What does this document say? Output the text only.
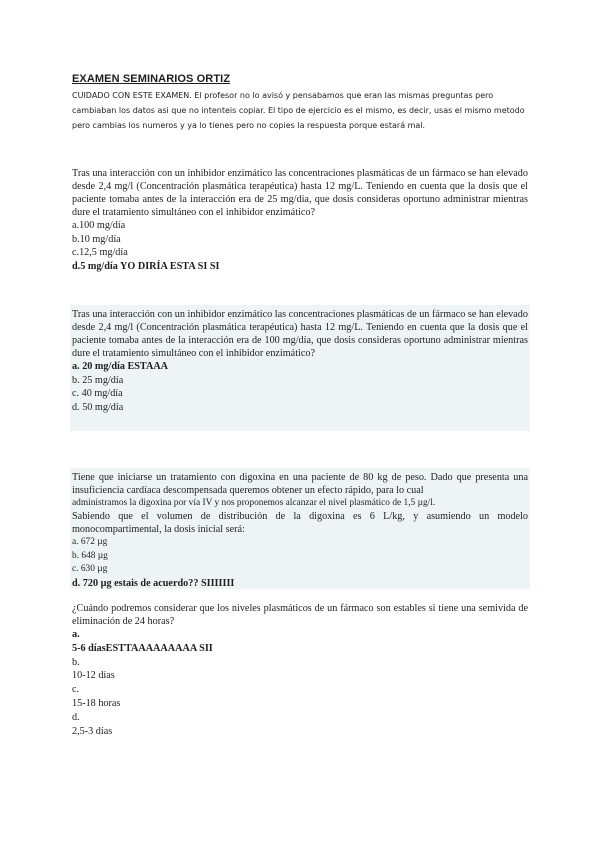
EXAMEN SEMINARIOS ORTIZ
CUIDADO CON ESTE EXAMEN. El profesor no lo avisó y pensabamos que eran las mismas preguntas pero cambiaban los datos asi que no intenteis copiar. El tipo de ejercicio es el mismo, es decir, usas el mismo metodo pero cambias los numeros y ya lo tienes pero no copies la respuesta porque estará mal.

Tras una interacción con un inhibidor enzimático las concentraciones plasmáticas de un fármaco se han elevado desde 2,4 mg/l (Concentración plasmática terapéutica) hasta 12 mg/L. Teniendo en cuenta que la dosis que el paciente tomaba antes de la interacción era de 25 mg/día, que dosis consideras oportuno administrar mientras dure el tratamiento simultáneo con el inhibidor enzimático?

a.100 mg/día
b.10 mg/día
c.12,5 mg/día
d.5 mg/día YO DIRÍA ESTA SI SI

Tras una interacción con un inhibidor enzimático las concentraciones plasmáticas de un fármaco se han elevado desde 2,4 mg/l (Concentración plasmática terapéutica) hasta 12 mg/L. Teniendo en cuenta que la dosis que el paciente tomaba antes de la interacción era de 100 mg/día, que dosis consideras oportuno administrar mientras dure el tratamiento simultáneo con el inhibidor enzimático?

a. 20 mg/día ESTAAA
b. 25 mg/día
c. 40 mg/día
d. 50 mg/día

Tiene que iniciarse un tratamiento con digoxina en una paciente de 80 kg de peso. Dado que presenta una insuficiencia cardíaca descompensada queremos obtener un efecto rápido, para lo cual

administramos la digoxina por vía IV y nos proponemos alcanzar el nivel plasmático de 1,5 µg/l.

Sabiendo que el volumen de distribución de la digoxina es 6 L/kg, y asumiendo un modelo monocompartimental, la dosis inicial será:

a. 672 µg
b. 648 µg
c. 630 µg
d. 720 µg estais de acuerdo?? SIIIIIII

¿Cuándo podremos considerar que los niveles plasmáticos de un fármaco son estables si tiene una semivida de eliminación de 24 horas?

a.
5-6 díasESTTAAAAAAAAA SII
b.
10-12 días
c.
15-18 horas
d.
2,5-3 días
